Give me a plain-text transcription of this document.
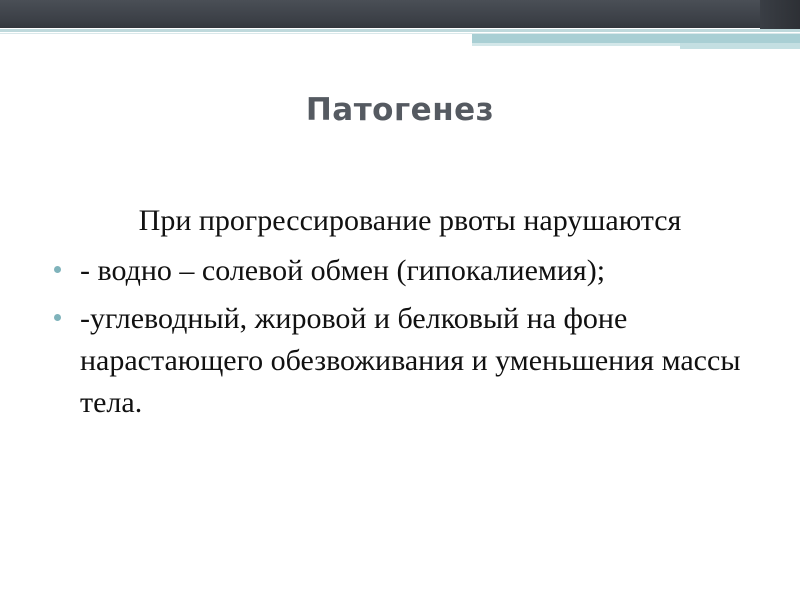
Патогенез
При прогрессирование рвоты нарушаются
- водно – солевой обмен (гипокалиемия);
-углеводный, жировой и белковый на фоне нарастающего обезвоживания и уменьшения массы тела.
